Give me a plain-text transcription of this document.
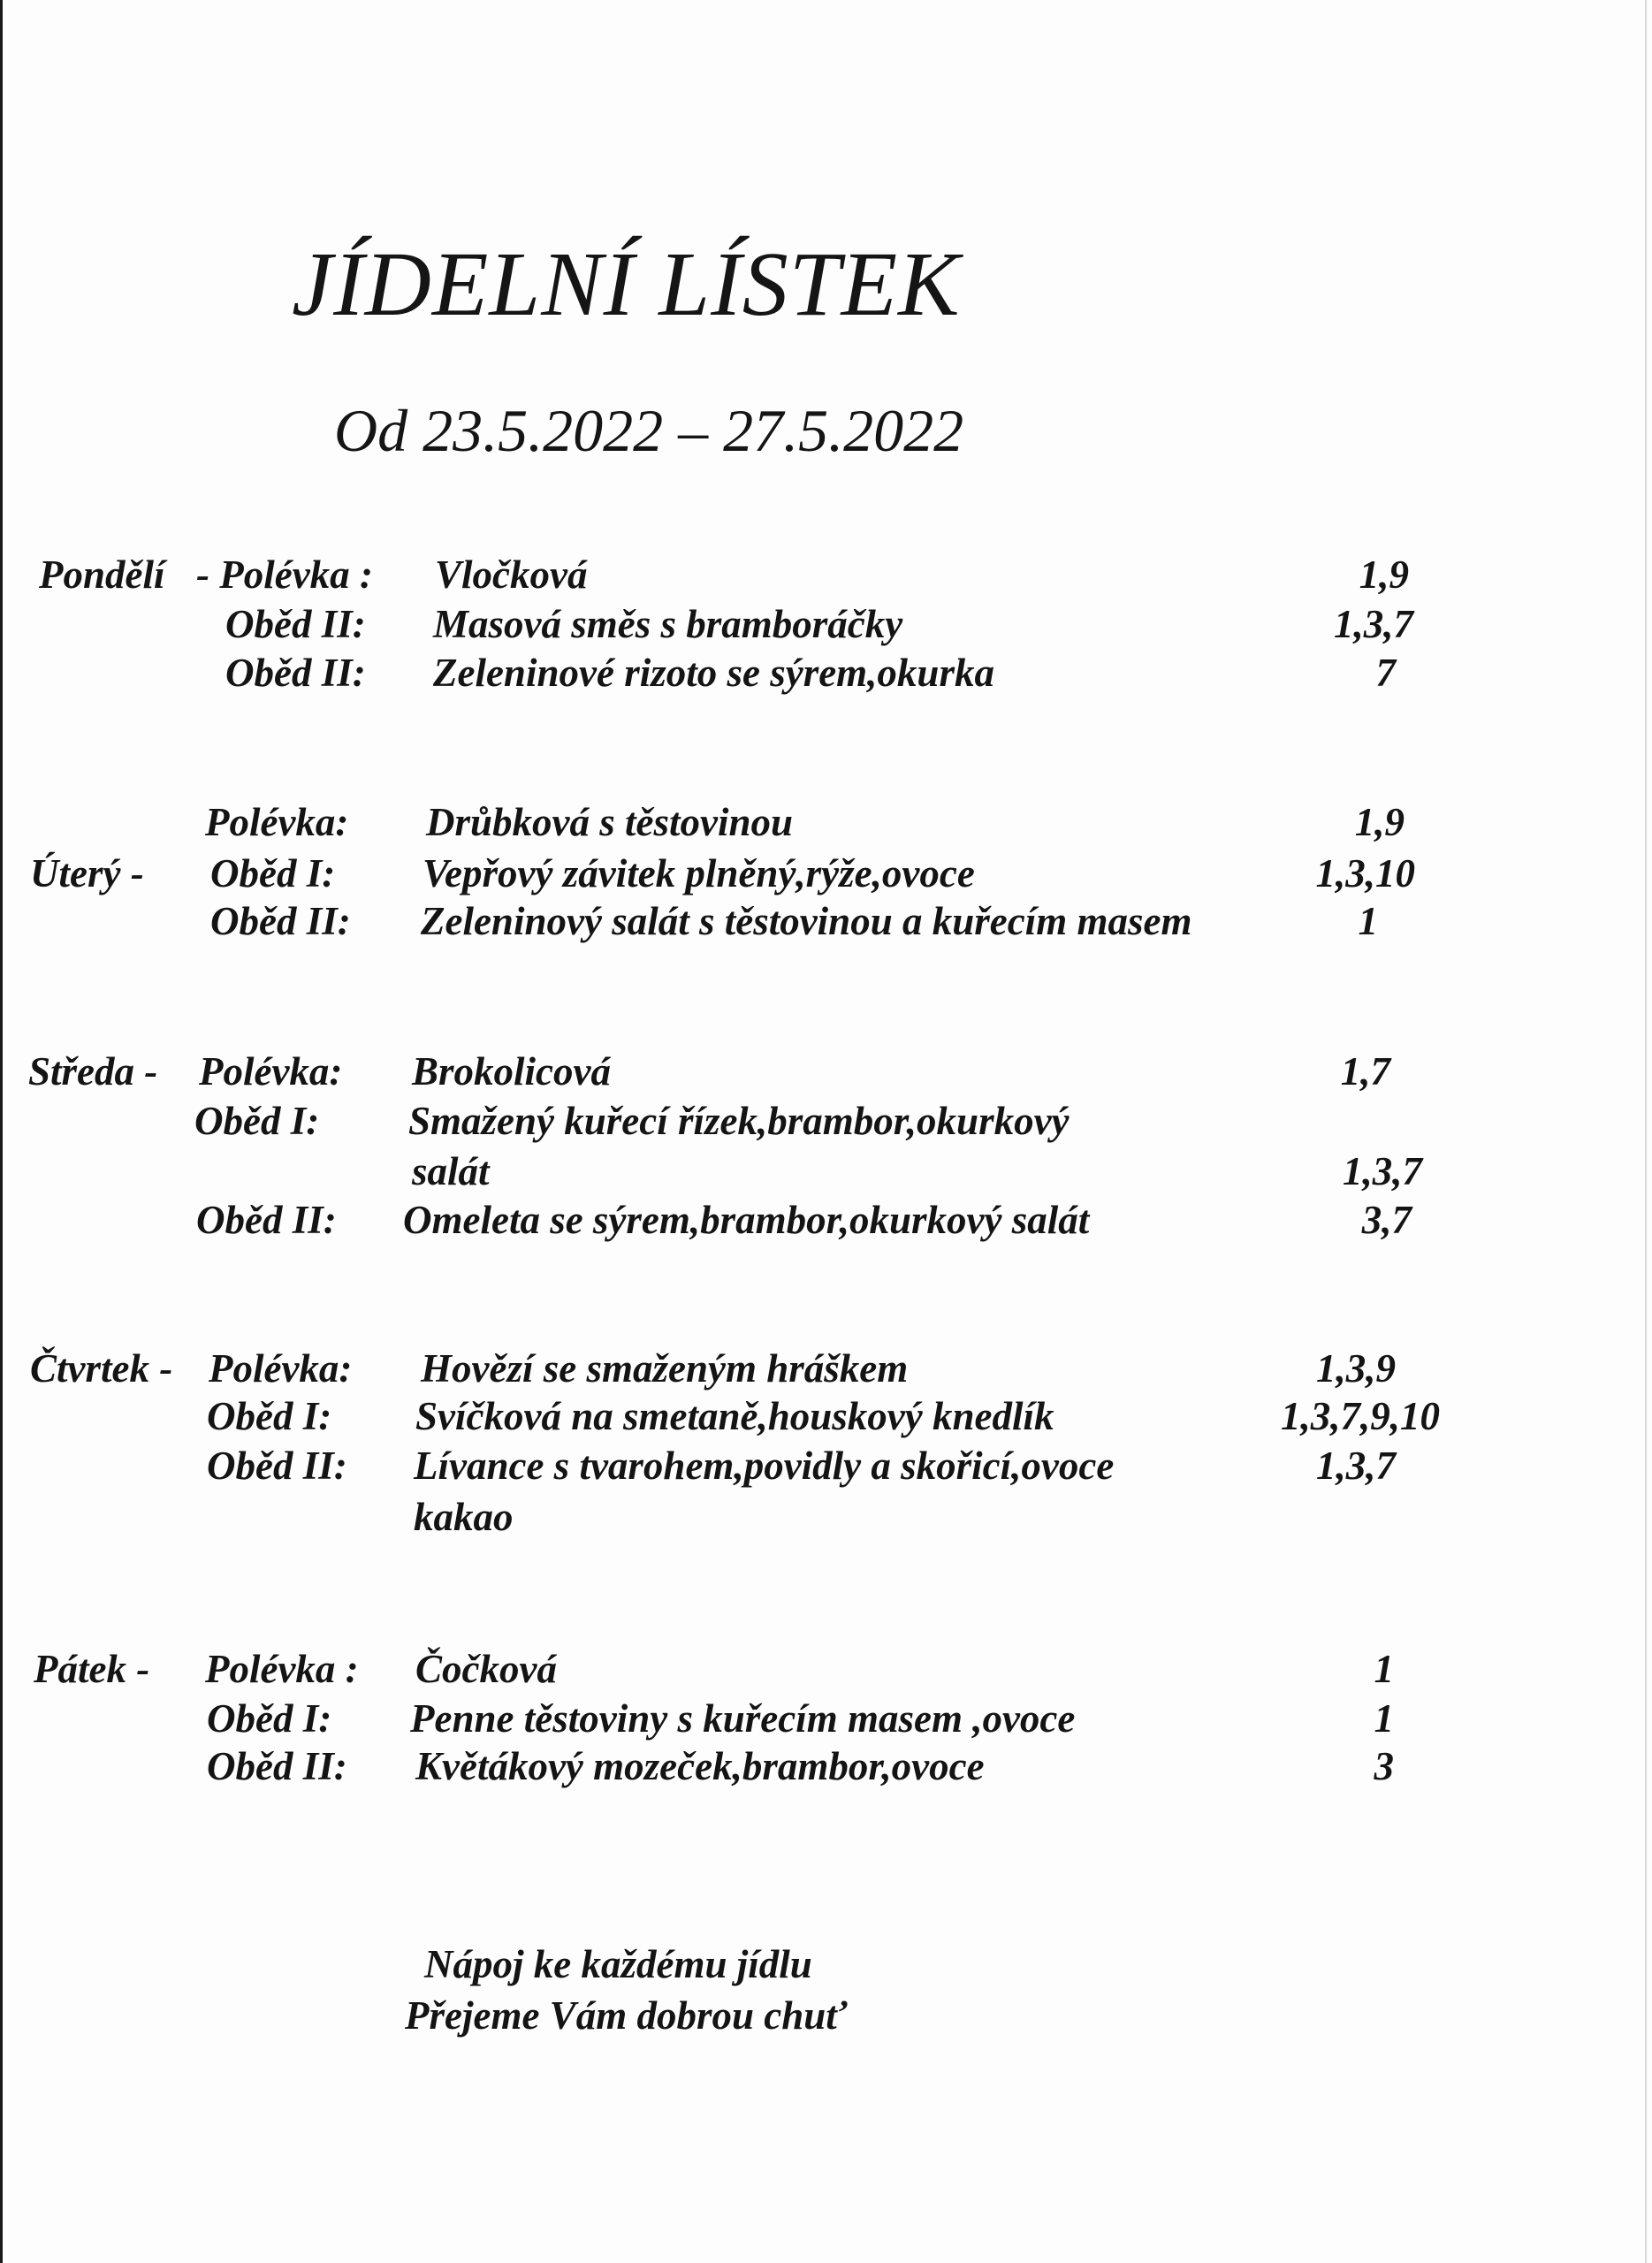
JÍDELNÍ LÍSTEK
Od 23.5.2022 – 27.5.2022
Pondělí - Polévka : Vločková	1,9
Oběd II: Masová směs s bramboráčky	1,3,7
Oběd II: Zeleninové rizoto se sýrem,okurka	7
Polévka: Drůbková s těstovinou	1,9
Úterý - Oběd I: Vepřový závitek plněný,rýže,ovoce	1,3,10
Oběd II: Zeleninový salát s těstovinou a kuřecím masem	1
Středa - Polévka: Brokolicová	1,7
Oběd I: Smažený kuřecí řízek,brambor,okurkový
salát	1,3,7
Oběd II: Omeleta se sýrem,brambor,okurkový salát	3,7
Čtvrtek - Polévka: Hovězí se smaženým hráškem	1,3,9
Oběd I: Svíčková na smetaně,houskový knedlík	1,3,7,9,10
Oběd II: Lívance s tvarohem,povidly a skořicí,ovoce	1,3,7
kakao
Pátek - Polévka : Čočková	1
Oběd I: Penne těstoviny s kuřecím masem ,ovoce	1
Oběd II: Květákový mozeček,brambor,ovoce	3
Nápoj ke každému jídlu
Přejeme Vám dobrou chuť
